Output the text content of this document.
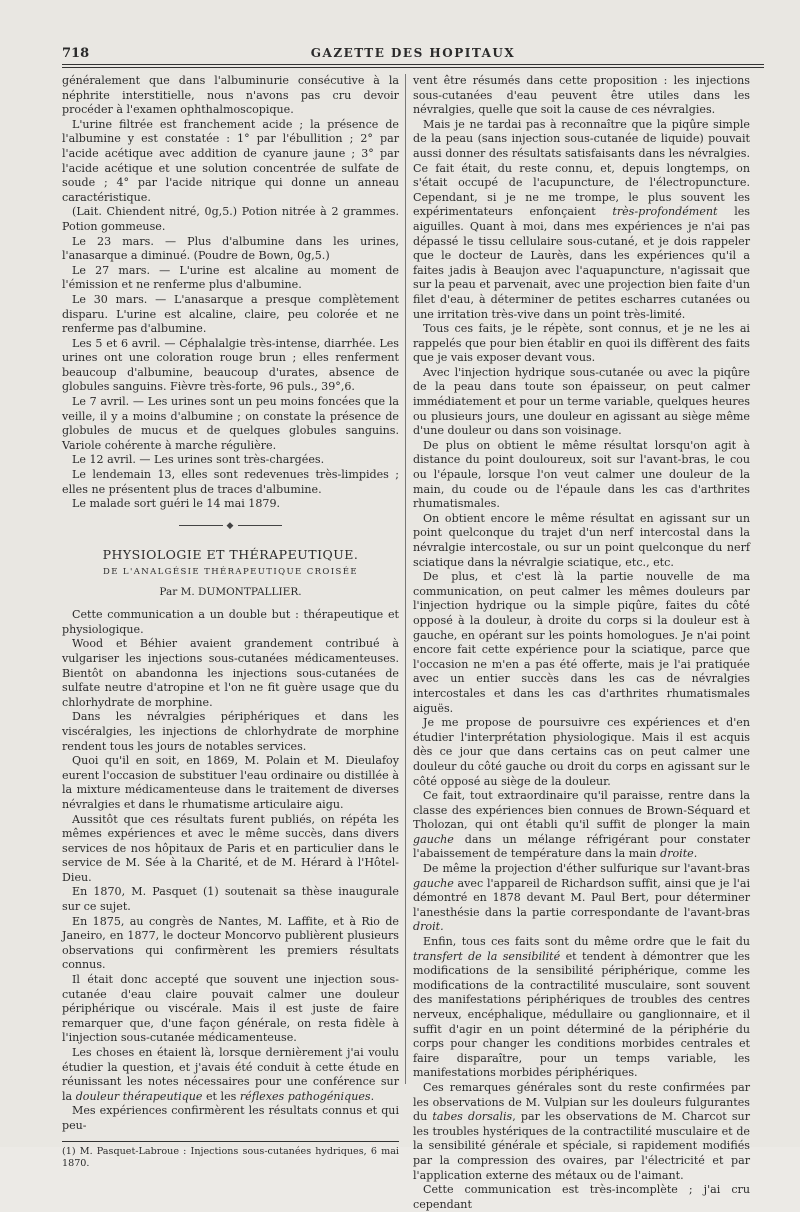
718	GAZETTE DES HOPITAUX

généralement que dans l'albuminurie consécutive à la néphrite interstitielle, nous n'avons pas cru devoir procéder à l'examen ophthalmoscopique.

L'urine filtrée est franchement acide ; la présence de l'albumine y est constatée : 1° par l'ébullition ; 2° par l'acide acétique avec addition de cyanure jaune ; 3° par l'acide acétique et une solution concentrée de sulfate de soude ; 4° par l'acide nitrique qui donne un anneau caractéristique.

(Lait. Chiendent nitré, 0g,5.) Potion nitrée à 2 grammes. Potion gommeuse.

Le 23 mars. — Plus d'albumine dans les urines, l'anasarque a diminué. (Poudre de Bown, 0g,5.)

Le 27 mars. — L'urine est alcaline au moment de l'émission et ne renferme plus d'albumine.

Le 30 mars. — L'anasarque a presque complètement disparu. L'urine est alcaline, claire, peu colorée et ne renferme pas d'albumine.

Les 5 et 6 avril. — Céphalalgie très-intense, diarrhée. Les urines ont une coloration rouge brun ; elles renferment beaucoup d'albumine, beaucoup d'urates, absence de globules sanguins. Fièvre très-forte, 96 puls., 39°,6.

Le 7 avril. — Les urines sont un peu moins foncées que la veille, il y a moins d'albumine ; on constate la présence de globules de mucus et de quelques globules sanguins. Variole cohérente à marche régulière.

Le 12 avril. — Les urines sont très-chargées.

Le lendemain 13, elles sont redevenues très-limpides ; elles ne présentent plus de traces d'albumine.

Le malade sort guéri le 14 mai 1879.

◆
PHYSIOLOGIE ET THÉRAPEUTIQUE.
DE L'ANALGÉSIE THÉRAPEUTIQUE CROISÉE
Par M. DUMONTPALLIER.

Cette communication a un double but : thérapeutique et physiologique.

Wood et Béhier avaient grandement contribué à vulgariser les injections sous-cutanées médicamenteuses. Bientôt on abandonna les injections sous-cutanées de sulfate neutre d'atropine et l'on ne fit guère usage que du chlorhydrate de morphine.

Dans les névralgies périphériques et dans les viscéralgies, les injections de chlorhydrate de morphine rendent tous les jours de notables services.

Quoi qu'il en soit, en 1869, M. Polain et M. Dieulafoy eurent l'occasion de substituer l'eau ordinaire ou distillée à la mixture médicamenteuse dans le traitement de diverses névralgies et dans le rhumatisme articulaire aigu.

Aussitôt que ces résultats furent publiés, on répéta les mêmes expériences et avec le même succès, dans divers services de nos hôpitaux de Paris et en particulier dans le service de M. Sée à la Charité, et de M. Hérard à l'Hôtel-Dieu.

En 1870, M. Pasquet (1) soutenait sa thèse inaugurale sur ce sujet.

En 1875, au congrès de Nantes, M. Laffite, et à Rio de Janeiro, en 1877, le docteur Moncorvo publièrent plusieurs observations qui confirmèrent les premiers résultats connus.

Il était donc accepté que souvent une injection sous-cutanée d'eau claire pouvait calmer une douleur périphérique ou viscérale. Mais il est juste de faire remarquer que, d'une façon générale, on resta fidèle à l'injection sous-cutanée médicamenteuse.

Les choses en étaient là, lorsque dernièrement j'ai voulu étudier la question, et j'avais été conduit à cette étude en réunissant les notes nécessaires pour une conférence sur la douleur thérapeutique et les réflexes pathogéniques.

Mes expériences confirmèrent les résultats connus et qui peu-

(1) M. Pasquet-Labroue : Injections sous-cutanées hydriques, 6 mai 1870.

vent être résumés dans cette proposition : les injections sous-cutanées d'eau peuvent être utiles dans les névralgies, quelle que soit la cause de ces névralgies.

Mais je ne tardai pas à reconnaître que la piqûre simple de la peau (sans injection sous-cutanée de liquide) pouvait aussi donner des résultats satisfaisants dans les névralgies. Ce fait était, du reste connu, et, depuis longtemps, on s'était occupé de l'acupuncture, de l'électropuncture. Cependant, si je ne me trompe, le plus souvent les expérimentateurs enfonçaient très-profondément les aiguilles. Quant à moi, dans mes expériences je n'ai pas dépassé le tissu cellulaire sous-cutané, et je dois rappeler que le docteur de Laurès, dans les expériences qu'il a faites jadis à Beaujon avec l'aquapuncture, n'agissait que sur la peau et parvenait, avec une projection bien faite d'un filet d'eau, à déterminer de petites escharres cutanées ou une irritation très-vive dans un point très-limité.

Tous ces faits, je le répète, sont connus, et je ne les ai rappelés que pour bien établir en quoi ils diffèrent des faits que je vais exposer devant vous.

Avec l'injection hydrique sous-cutanée ou avec la piqûre de la peau dans toute son épaisseur, on peut calmer immédiatement et pour un terme variable, quelques heures ou plusieurs jours, une douleur en agissant au siège même d'une douleur ou dans son voisinage.

De plus on obtient le même résultat lorsqu'on agit à distance du point douloureux, soit sur l'avant-bras, le cou ou l'épaule, lorsque l'on veut calmer une douleur de la main, du coude ou de l'épaule dans les cas d'arthrites rhumatismales.

On obtient encore le même résultat en agissant sur un point quelconque du trajet d'un nerf intercostal dans la névralgie intercostale, ou sur un point quelconque du nerf sciatique dans la névralgie sciatique, etc., etc.

De plus, et c'est là la partie nouvelle de ma communication, on peut calmer les mêmes douleurs par l'injection hydrique ou la simple piqûre, faites du côté opposé à la douleur, à droite du corps si la douleur est à gauche, en opérant sur les points homologues. Je n'ai point encore fait cette expérience pour la sciatique, parce que l'occasion ne m'en a pas été offerte, mais je l'ai pratiquée avec un entier succès dans les cas de névralgies intercostales et dans les cas d'arthrites rhumatismales aiguës.

Je me propose de poursuivre ces expériences et d'en étudier l'interprétation physiologique. Mais il est acquis dès ce jour que dans certains cas on peut calmer une douleur du côté gauche ou droit du corps en agissant sur le côté opposé au siège de la douleur.

Ce fait, tout extraordinaire qu'il paraisse, rentre dans la classe des expériences bien connues de Brown-Séquard et Tholozan, qui ont établi qu'il suffit de plonger la main gauche dans un mélange réfrigérant pour constater l'abaissement de température dans la main droite.

De même la projection d'éther sulfurique sur l'avant-bras gauche avec l'appareil de Richardson suffit, ainsi que je l'ai démontré en 1878 devant M. Paul Bert, pour déterminer l'anesthésie dans la partie correspondante de l'avant-bras droit.

Enfin, tous ces faits sont du même ordre que le fait du transfert de la sensibilité et tendent à démontrer que les modifications de la sensibilité périphérique, comme les modifications de la contractilité musculaire, sont souvent des manifestations périphériques de troubles des centres nerveux, encéphalique, médullaire ou ganglionnaire, et il suffit d'agir en un point déterminé de la périphérie du corps pour changer les conditions morbides centrales et faire disparaître, pour un temps variable, les manifestations morbides périphériques.

Ces remarques générales sont du reste confirmées par les observations de M. Vulpian sur les douleurs fulgurantes du tabes dorsalis, par les observations de M. Charcot sur les troubles hystériques de la contractilité musculaire et de la sensibilité générale et spéciale, si rapidement modifiés par la compression des ovaires, par l'électricité et par l'application externe des métaux ou de l'aimant.

Cette communication est très-incomplète ; j'ai cru cependant
